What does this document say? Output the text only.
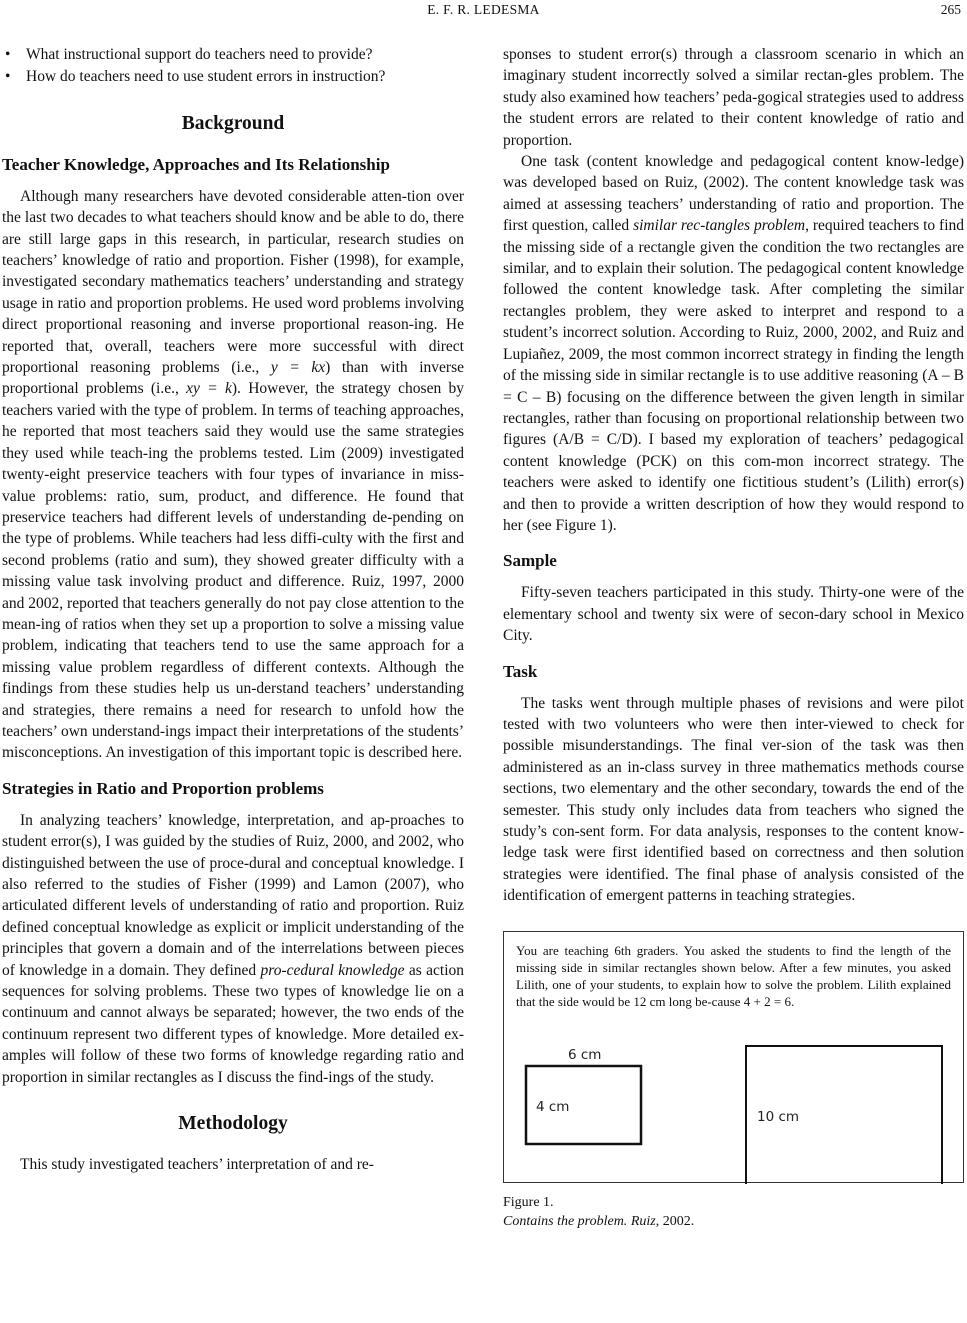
E. F. R. LEDESMA	265
• What instructional support do teachers need to provide?
• How do teachers need to use student errors in instruction?
Background
Teacher Knowledge, Approaches and Its Relationship

Although many researchers have devoted considerable atten-tion over the last two decades to what teachers should know and be able to do, there are still large gaps in this research, in particular, research studies on teachers’ knowledge of ratio and proportion. Fisher (1998), for example, investigated secondary mathematics teachers’ understanding and strategy usage in ratio and proportion problems. He used word problems involving direct proportional reasoning and inverse proportional reason-ing. He reported that, overall, teachers were more successful with direct proportional reasoning problems (i.e., y = kx) than with inverse proportional problems (i.e., xy = k). However, the strategy chosen by teachers varied with the type of problem. In terms of teaching approaches, he reported that most teachers said they would use the same strategies they used while teach-ing the problems tested. Lim (2009) investigated twenty-eight preservice teachers with four types of invariance in miss-value problems: ratio, sum, product, and difference. He found that preservice teachers had different levels of understanding de-pending on the type of problems. While teachers had less diffi-culty with the first and second problems (ratio and sum), they showed greater difficulty with a missing value task involving product and difference. Ruiz, 1997, 2000 and 2002, reported that teachers generally do not pay close attention to the mean-ing of ratios when they set up a proportion to solve a missing value problem, indicating that teachers tend to use the same approach for a missing value problem regardless of different contexts. Although the findings from these studies help us un-derstand teachers’ understanding and strategies, there remains a need for research to unfold how the teachers’ own understand-ings impact their interpretations of the students’ misconceptions. An investigation of this important topic is described here.

Strategies in Ratio and Proportion problems

In analyzing teachers’ knowledge, interpretation, and ap-proaches to student error(s), I was guided by the studies of Ruiz, 2000, and 2002, who distinguished between the use of proce-dural and conceptual knowledge. I also referred to the studies of Fisher (1999) and Lamon (2007), who articulated different levels of understanding of ratio and proportion. Ruiz defined conceptual knowledge as explicit or implicit understanding of the principles that govern a domain and of the interrelations between pieces of knowledge in a domain. They defined pro-cedural knowledge as action sequences for solving problems. These two types of knowledge lie on a continuum and cannot always be separated; however, the two ends of the continuum represent two different types of knowledge. More detailed ex-amples will follow of these two forms of knowledge regarding ratio and proportion in similar rectangles as I discuss the find-ings of the study.

Methodology

This study investigated teachers’ interpretation of and re-

sponses to student error(s) through a classroom scenario in which an imaginary student incorrectly solved a similar rectan-gles problem. The study also examined how teachers’ peda-gogical strategies used to address the student errors are related to their content knowledge of ratio and proportion.

One task (content knowledge and pedagogical content know-ledge) was developed based on Ruiz, (2002). The content knowledge task was aimed at assessing teachers’ understanding of ratio and proportion. The first question, called similar rec-tangles problem, required teachers to find the missing side of a rectangle given the condition the two rectangles are similar, and to explain their solution. The pedagogical content knowledge followed the content knowledge task. After completing the similar rectangles problem, they were asked to interpret and respond to a student’s incorrect solution. According to Ruiz, 2000, 2002, and Ruiz and Lupiañez, 2009, the most common incorrect strategy in finding the length of the missing side in similar rectangle is to use additive reasoning (A – B = C – B) focusing on the difference between the given length in similar rectangles, rather than focusing on proportional relationship between two figures (A/B = C/D). I based my exploration of teachers’ pedagogical content knowledge (PCK) on this com-mon incorrect strategy. The teachers were asked to identify one fictitious student’s (Lilith) error(s) and then to provide a written description of how they would respond to her (see Figure 1).

Sample

Fifty-seven teachers participated in this study. Thirty-one were of the elementary school and twenty six were of secon-dary school in Mexico City.

Task

The tasks went through multiple phases of revisions and were pilot tested with two volunteers who were then inter-viewed to check for possible misunderstandings. The final ver-sion of the task was then administered as an in-class survey in three mathematics methods course sections, two elementary and the other secondary, towards the end of the semester. This study only includes data from teachers who signed the study’s con-sent form. For data analysis, responses to the content know-ledge task were first identified based on correctness and then solution strategies were identified. The final phase of analysis consisted of the identification of emergent patterns in teaching strategies.

You are teaching 6th graders. You asked the students to find the length of the missing side in similar rectangles shown below. After a few minutes, you asked Lilith, one of your students, to explain how to solve the problem. Lilith explained that the side would be 12 cm long be-cause 4 + 2 = 6.
6 cm
4 cm
10 cm
Figure 1.
Contains the problem. Ruiz, 2002.
